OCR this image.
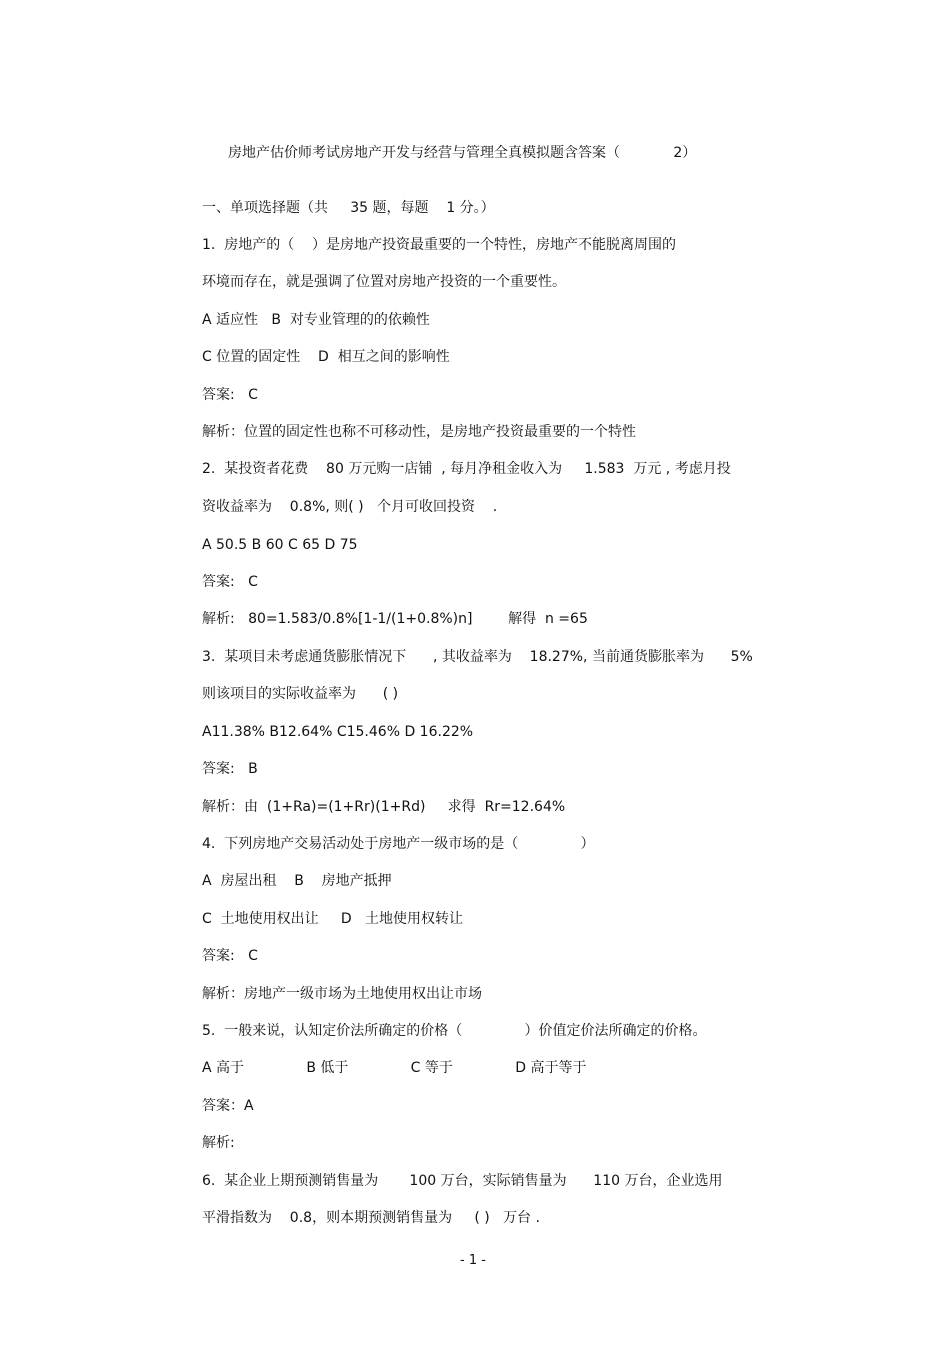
房地产估价师考试房地产开发与经营与管理全真模拟题含答案（            2）
一、单项选择题（共     35 题，每题    1 分。）
1.  房地产的（    ）是房地产投资最重要的一个特性，房地产不能脱离周围的
环境而存在，就是强调了位置对房地产投资的一个重要性。
A 适应性   B  对专业管理的的依赖性
C 位置的固定性    D  相互之间的影响性
答案:   C
解析：位置的固定性也称不可移动性，是房地产投资最重要的一个特性
2.  某投资者花费    80 万元购一店铺  , 每月净租金收入为     1.583  万元 , 考虑月投
资收益率为    0.8%, 则( )   个月可收回投资    .
A 50.5 B 60 C 65 D 75
答案:   C
解析:   80=1.583/0.8%[1-1/(1+0.8%)n]        解得  n =65
3.  某项目未考虑通货膨胀情况下      , 其收益率为    18.27%, 当前通货膨胀率为      5%
则该项目的实际收益率为      ( )
A11.38% B12.64% C15.46% D 16.22%
答案:   B
解析：由  (1+Ra)=(1+Rr)(1+Rd)     求得  Rr=12.64%
4.  下列房地产交易活动处于房地产一级市场的是（              ）
A  房屋出租    B    房地产抵押
C  土地使用权出让     D   土地使用权转让
答案:   C
解析：房地产一级市场为土地使用权出让市场
5.  一般来说，认知定价法所确定的价格（              ）价值定价法所确定的价格。
A 高于              B 低于              C 等于              D 高于等于
答案：A
解析:
6.  某企业上期预测销售量为       100 万台，实际销售量为      110 万台，企业选用
平滑指数为    0.8，则本期预测销售量为     ( )   万台 .
- 1 -
